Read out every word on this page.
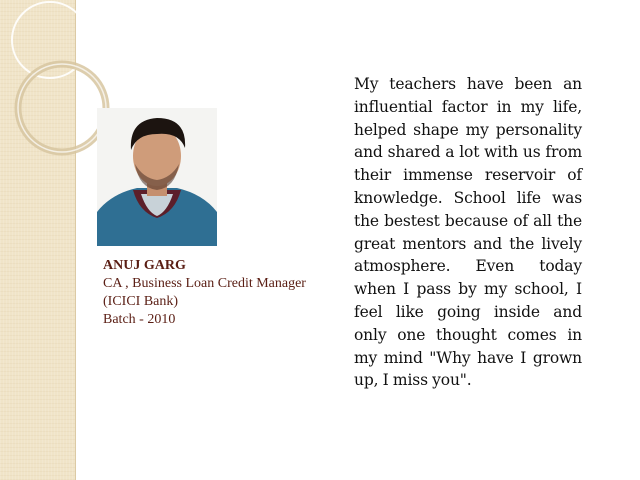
ANUJ GARG
CA , Business Loan Credit Manager
(ICICI Bank)
Batch - 2010
My teachers have been an influential factor in my life, helped shape my personality and shared a lot with us from their immense reservoir of knowledge. School life was the bestest because of all the great mentors and the lively atmosphere. Even today when I pass by my school, I feel like going inside and only one thought comes in my mind "Why have I grown up, I miss you".
